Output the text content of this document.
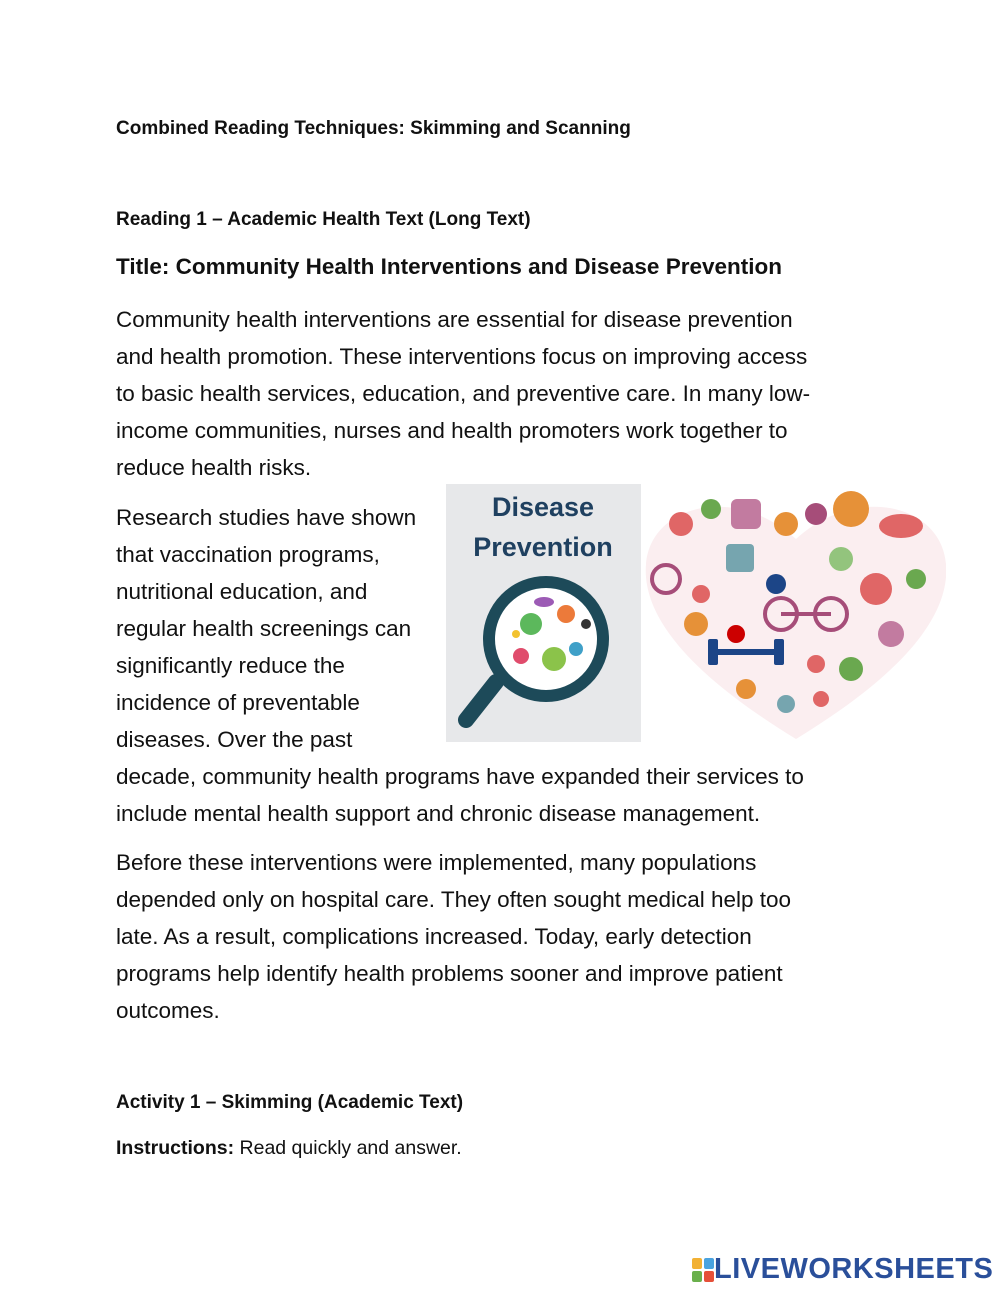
Combined Reading Techniques: Skimming and Scanning
Reading 1 – Academic Health Text (Long Text)
Title: Community Health Interventions and Disease Prevention
Community health interventions are essential for disease prevention
and health promotion. These interventions focus on improving access
to basic health services, education, and preventive care. In many low-
income communities, nurses and health promoters work together to
reduce health risks.
Research studies have shown
that vaccination programs,
nutritional education, and
regular health screenings can
significantly reduce the
incidence of preventable
diseases. Over the past
decade, community health programs have expanded their services to
include mental health support and chronic disease management.
Disease
Prevention
Before these interventions were implemented, many populations
depended only on hospital care. They often sought medical help too
late. As a result, complications increased. Today, early detection
programs help identify health problems sooner and improve patient
outcomes.
Activity 1 – Skimming (Academic Text)
Instructions: Read quickly and answer.
LIVEWORKSHEETS
